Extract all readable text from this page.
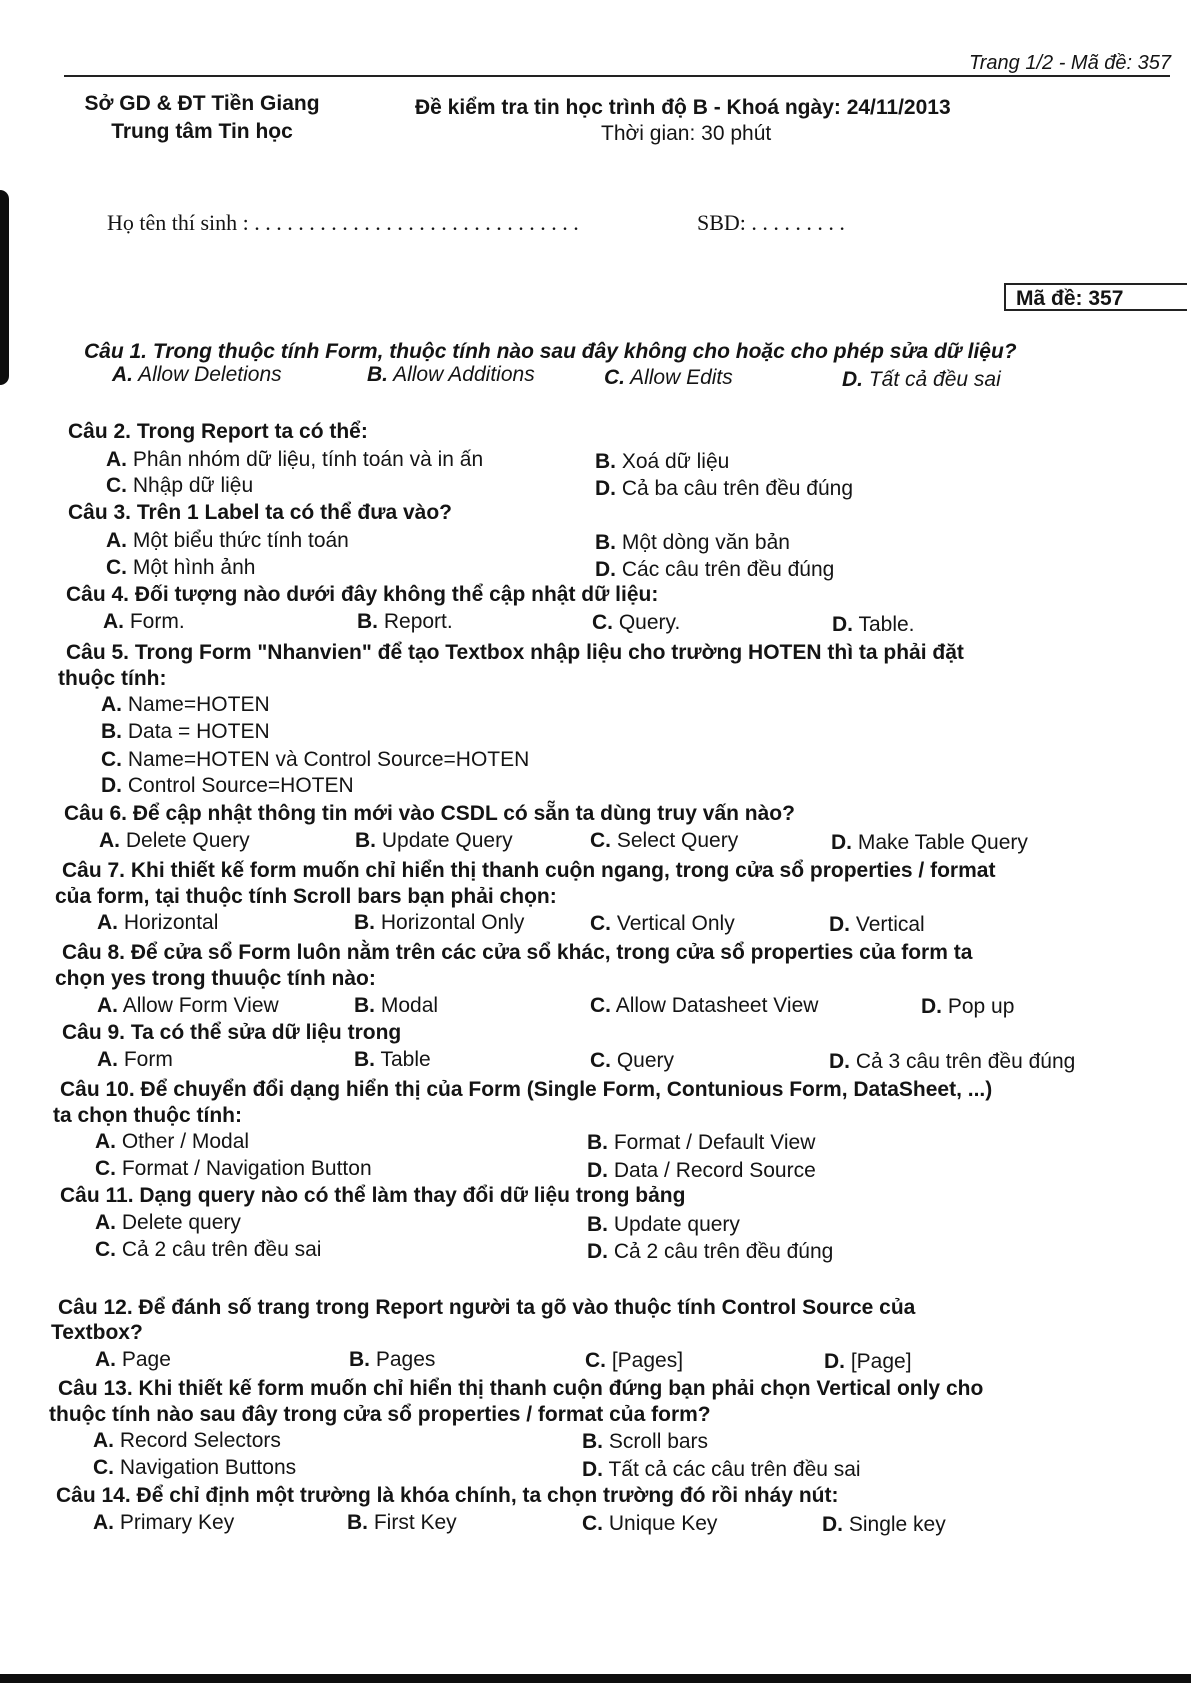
Trang 1/2 - Mã đề: 357
Sở GD & ĐT Tiền Giang
Trung tâm Tin học
Đề kiểm tra tin học trình độ B - Khoá ngày: 24/11/2013
Thời gian: 30 phút
Họ tên thí sinh : . . . . . . . . . . . . . . . . . . . . . . . . . . . . . .	SBD: . . . . . . . . .
Mã đề: 357
Câu 1. Trong thuộc tính Form, thuộc tính nào sau đây không cho hoặc cho phép sửa dữ liệu?
A. Allow Deletions	B. Allow Additions	C. Allow Edits	D. Tất cả đều sai
Câu 2. Trong Report ta có thể:
A. Phân nhóm dữ liệu, tính toán và in ấn	B. Xoá dữ liệu
C. Nhập dữ liệu	D. Cả ba câu trên đều đúng
Câu 3. Trên 1 Label ta có thể đưa vào?
A. Một biểu thức tính toán	B. Một dòng văn bản
C. Một hình ảnh	D. Các câu trên đều đúng
Câu 4. Đối tượng nào dưới đây không thể cập nhật dữ liệu:
A. Form.	B. Report.	C. Query.	D. Table.
Câu 5. Trong Form "Nhanvien" để tạo Textbox nhập liệu cho trường HOTEN thì ta phải đặt
thuộc tính:
A. Name=HOTEN
B. Data = HOTEN
C. Name=HOTEN và Control Source=HOTEN
D. Control Source=HOTEN
Câu 6. Để cập nhật thông tin mới vào CSDL có sẵn ta dùng truy vấn nào?
A. Delete Query	B. Update Query	C. Select Query	D. Make Table Query
Câu 7. Khi thiết kế form muốn chỉ hiển thị thanh cuộn ngang, trong cửa sổ properties / format
của form, tại thuộc tính Scroll bars bạn phải chọn:
A. Horizontal	B. Horizontal Only	C. Vertical Only	D. Vertical
Câu 8. Để cửa sổ Form luôn nằm trên các cửa sổ khác, trong cửa sổ properties của form ta
chọn yes trong thuuộc tính nào:
A. Allow Form View	B. Modal	C. Allow Datasheet View	D. Pop up
Câu 9. Ta có thể sửa dữ liệu trong
A. Form	B. Table	C. Query	D. Cả 3 câu trên đều đúng
Câu 10. Để chuyển đổi dạng hiển thị của Form (Single Form, Contunious Form, DataSheet, ...)
ta chọn thuộc tính:
A. Other / Modal	B. Format / Default View
C. Format / Navigation Button	D. Data / Record Source
Câu 11. Dạng query nào có thể làm thay đổi dữ liệu trong bảng
A. Delete query	B. Update query
C. Cả 2 câu trên đều sai	D. Cả 2 câu trên đều đúng
Câu 12. Để đánh số trang trong Report người ta gõ vào thuộc tính Control Source của
Textbox?
A. Page	B. Pages	C. [Pages]	D. [Page]
Câu 13. Khi thiết kế form muốn chỉ hiển thị thanh cuộn đứng bạn phải chọn Vertical only cho
thuộc tính nào sau đây trong cửa sổ properties / format của form?
A. Record Selectors	B. Scroll bars
C. Navigation Buttons	D. Tất cả các câu trên đều sai
Câu 14. Để chỉ định một trường là khóa chính, ta chọn trường đó rồi nháy nút:
A. Primary Key	B. First Key	C. Unique Key	D. Single key
